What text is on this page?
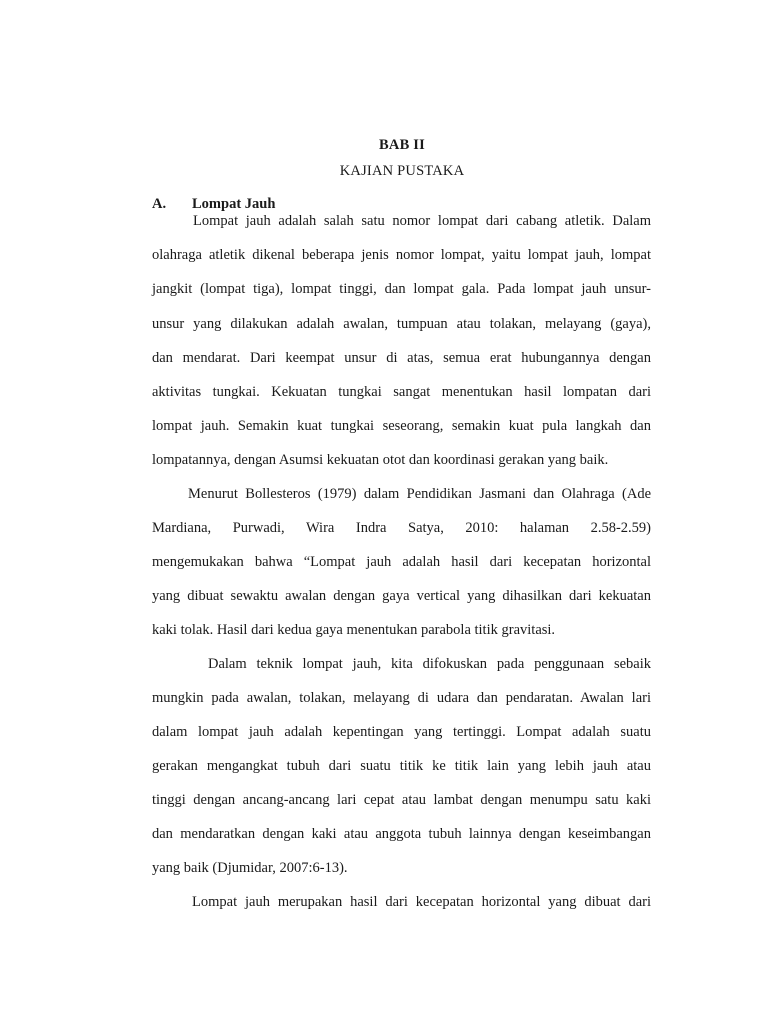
BAB II
KAJIAN PUSTAKA
A. Lompat Jauh
Lompat jauh adalah salah satu nomor lompat dari cabang atletik. Dalam
olahraga atletik dikenal beberapa jenis nomor lompat, yaitu lompat jauh, lompat
jangkit (lompat tiga), lompat tinggi, dan lompat gala. Pada lompat jauh unsur-
unsur yang dilakukan adalah awalan, tumpuan atau tolakan, melayang (gaya),
dan mendarat. Dari keempat unsur di atas, semua erat hubungannya dengan
aktivitas tungkai. Kekuatan tungkai sangat menentukan hasil lompatan dari
lompat jauh. Semakin kuat tungkai seseorang, semakin kuat pula langkah dan
lompatannya, dengan Asumsi kekuatan otot dan koordinasi gerakan yang baik.
Menurut Bollesteros (1979) dalam Pendidikan Jasmani dan Olahraga (Ade
Mardiana, Purwadi, Wira Indra Satya, 2010: halaman 2.58-2.59)
mengemukakan bahwa “Lompat jauh adalah hasil dari kecepatan horizontal
yang dibuat sewaktu awalan dengan gaya vertical yang dihasilkan dari kekuatan
kaki tolak. Hasil dari kedua gaya menentukan parabola titik gravitasi.
Dalam teknik lompat jauh, kita difokuskan pada penggunaan sebaik
mungkin pada awalan, tolakan, melayang di udara dan pendaratan. Awalan lari
dalam lompat jauh adalah kepentingan yang tertinggi. Lompat adalah suatu
gerakan mengangkat tubuh dari suatu titik ke titik lain yang lebih jauh atau
tinggi dengan ancang-ancang lari cepat atau lambat dengan menumpu satu kaki
dan mendaratkan dengan kaki atau anggota tubuh lainnya dengan keseimbangan
yang baik (Djumidar, 2007:6-13).
Lompat jauh merupakan hasil dari kecepatan horizontal yang dibuat dari
